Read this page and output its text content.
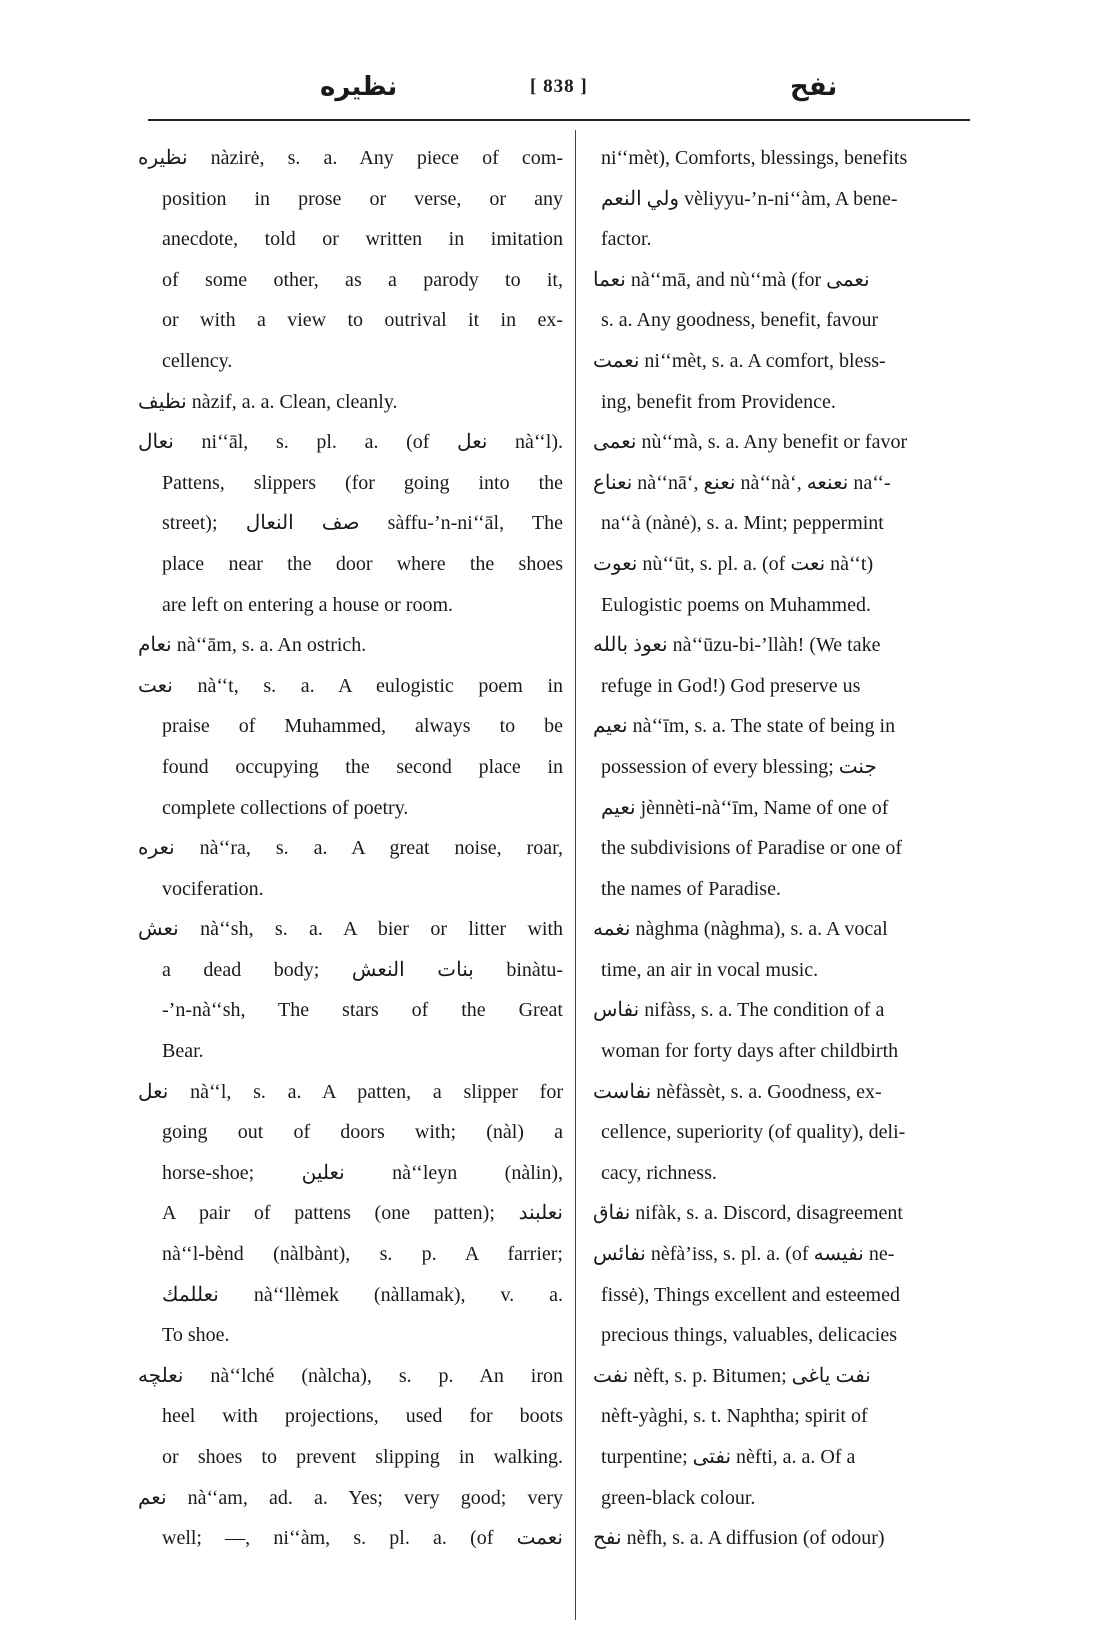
نظيره	[ 838 ]	نفح
نظيره nàzirė, s. a. Any piece of com-
position in prose or verse, or any
anecdote, told or written in imitation
of some other, as a parody to it,
or with a view to outrival it in ex-
cellency.
نظيف nàzif, a. a. Clean, cleanly.
نعال ni‘‘āl, s. pl. a. (of نعل nà‘‘l).
Pattens, slippers (for going into the
street); صف النعال sàffu-’n-ni‘‘āl, The
place near the door where the shoes
are left on entering a house or room.
نعام nà‘‘ām, s. a. An ostrich.
نعت nà‘‘t, s. a. A eulogistic poem in
praise of Muhammed, always to be
found occupying the second place in
complete collections of poetry.
نعره nà‘‘ra, s. a. A great noise, roar,
vociferation.
نعش nà‘‘sh, s. a. A bier or litter with
a dead body; بنات النعش binàtu-
-’n-nà‘‘sh, The stars of the Great
Bear.
نعل nà‘‘l, s. a. A patten, a slipper for
going out of doors with; (nàl) a
horse-shoe; نعلين nà‘‘leyn (nàlin),
A pair of pattens (one patten); نعلبند
nà‘‘l-bènd (nàlbànt), s. p. A farrier;
نعللمك nà‘‘llèmek (nàllamak), v. a.
To shoe.
نعلچه nà‘‘lché (nàlcha), s. p. An iron
heel with projections, used for boots
or shoes to prevent slipping in walking.
نعم nà‘‘am, ad. a. Yes; very good; very
well; —, ni‘‘àm, s. pl. a. (of نعمت
ni‘‘mèt), Comforts, blessings, benefits
ولي النعم vèliyyu-’n-ni‘‘àm, A bene-
factor.
نعما nà‘‘mā, and nù‘‘mà (for نعمى
s. a. Any goodness, benefit, favour
نعمت ni‘‘mèt, s. a. A comfort, bless-
ing, benefit from Providence.
نعمى nù‘‘mà, s. a. Any benefit or favor
نعناع nà‘‘nā‘, نعنع nà‘‘nà‘, نعنعه na‘‘-
na‘‘à (nànė), s. a. Mint; peppermint
نعوت nù‘‘ūt, s. pl. a. (of نعت nà‘‘t)
Eulogistic poems on Muhammed.
نعوذ بالله nà‘‘ūzu-bi-’llàh! (We take
refuge in God!) God preserve us
نعيم nà‘‘īm, s. a. The state of being in
possession of every blessing; جنت
نعيم jènnèti-nà‘‘īm, Name of one of
the subdivisions of Paradise or one of
the names of Paradise.
نغمه nàghma (nàghma), s. a. A vocal
time, an air in vocal music.
نفاس nifàss, s. a. The condition of a
woman for forty days after childbirth
نفاست nèfàssèt, s. a. Goodness, ex-
cellence, superiority (of quality), deli-
cacy, richness.
نفاق nifàk, s. a. Discord, disagreement
نفائس nèfà’iss, s. pl. a. (of نفيسه ne-
fissė), Things excellent and esteemed
precious things, valuables, delicacies
نفت nèft, s. p. Bitumen; نفت ياغى
nèft-yàghi, s. t. Naphtha; spirit of
turpentine; نفتى nèfti, a. a. Of a
green-black colour.
نفح nèfh, s. a. A diffusion (of odour)
